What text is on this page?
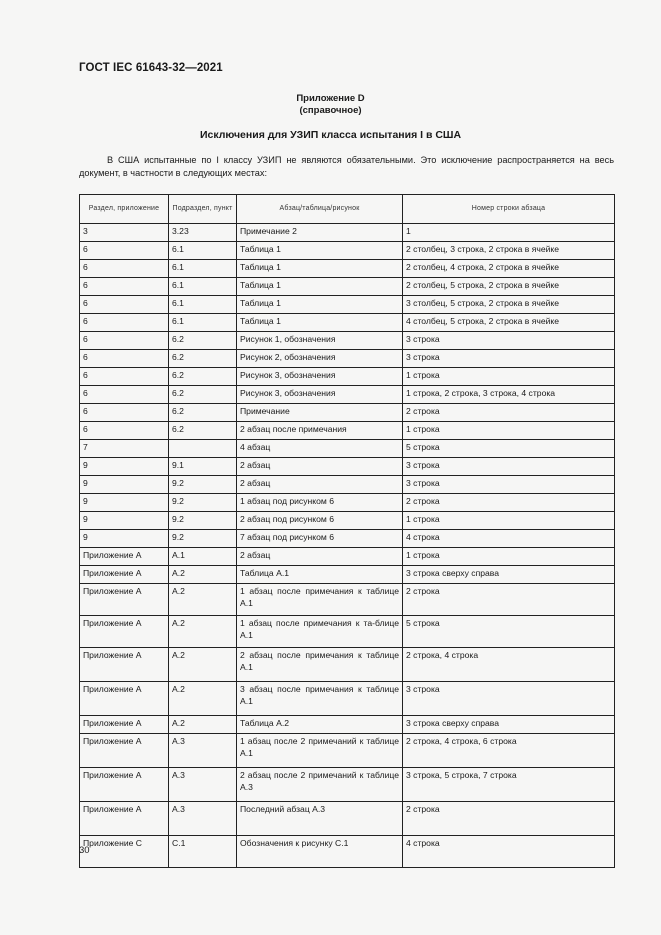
ГОСТ IEC 61643-32—2021
Приложение D
(справочное)
Исключения для УЗИП класса испытания I в США
В США испытанные по I классу УЗИП не являются обязательными. Это исключение распространяется на весь документ, в частности в следующих местах:
Раздел, приложение	Подраздел, пункт	Абзац/таблица/рисунок	Номер строки абзаца
3	3.23	Примечание 2	1
6	6.1	Таблица 1	2 столбец, 3 строка, 2 строка в ячейке
6	6.1	Таблица 1	2 столбец, 4 строка, 2 строка в ячейке
6	6.1	Таблица 1	2 столбец, 5 строка, 2 строка в ячейке
6	6.1	Таблица 1	3 столбец, 5 строка, 2 строка в ячейке
6	6.1	Таблица 1	4 столбец, 5 строка, 2 строка в ячейке
6	6.2	Рисунок 1, обозначения	3 строка
6	6.2	Рисунок 2, обозначения	3 строка
6	6.2	Рисунок 3, обозначения	1 строка
6	6.2	Рисунок 3, обозначения	1 строка, 2 строка, 3 строка, 4 строка
6	6.2	Примечание	2 строка
6	6.2	2 абзац после примечания	1 строка
7		4 абзац	5 строка
9	9.1	2 абзац	3 строка
9	9.2	2 абзац	3 строка
9	9.2	1 абзац под рисунком 6	2 строка
9	9.2	2 абзац под рисунком 6	1 строка
9	9.2	7 абзац под рисунком 6	4 строка
Приложение А	А.1	2 абзац	1 строка
Приложение А	А.2	Таблица А.1	3 строка сверху справа
Приложение А	А.2	1 абзац после примечания к таблице А.1	2 строка
Приложение А	А.2	1 абзац после примечания к та-блице А.1	5 строка
Приложение А	А.2	2 абзац после примечания к таблице А.1	2 строка, 4 строка
Приложение А	А.2	3 абзац после примечания к таблице А.1	3 строка
Приложение А	А.2	Таблица А.2	3 строка сверху справа
Приложение А	А.3	1 абзац после 2 примечаний к таблице А.1	2 строка, 4 строка, 6 строка
Приложение А	А.3	2 абзац после 2 примечаний к таблице А.3	3 строка, 5 строка, 7 строка
Приложение А	А.3	Последний абзац А.3	2 строка
Приложение С	С.1	Обозначения к рисунку С.1	4 строка
30
